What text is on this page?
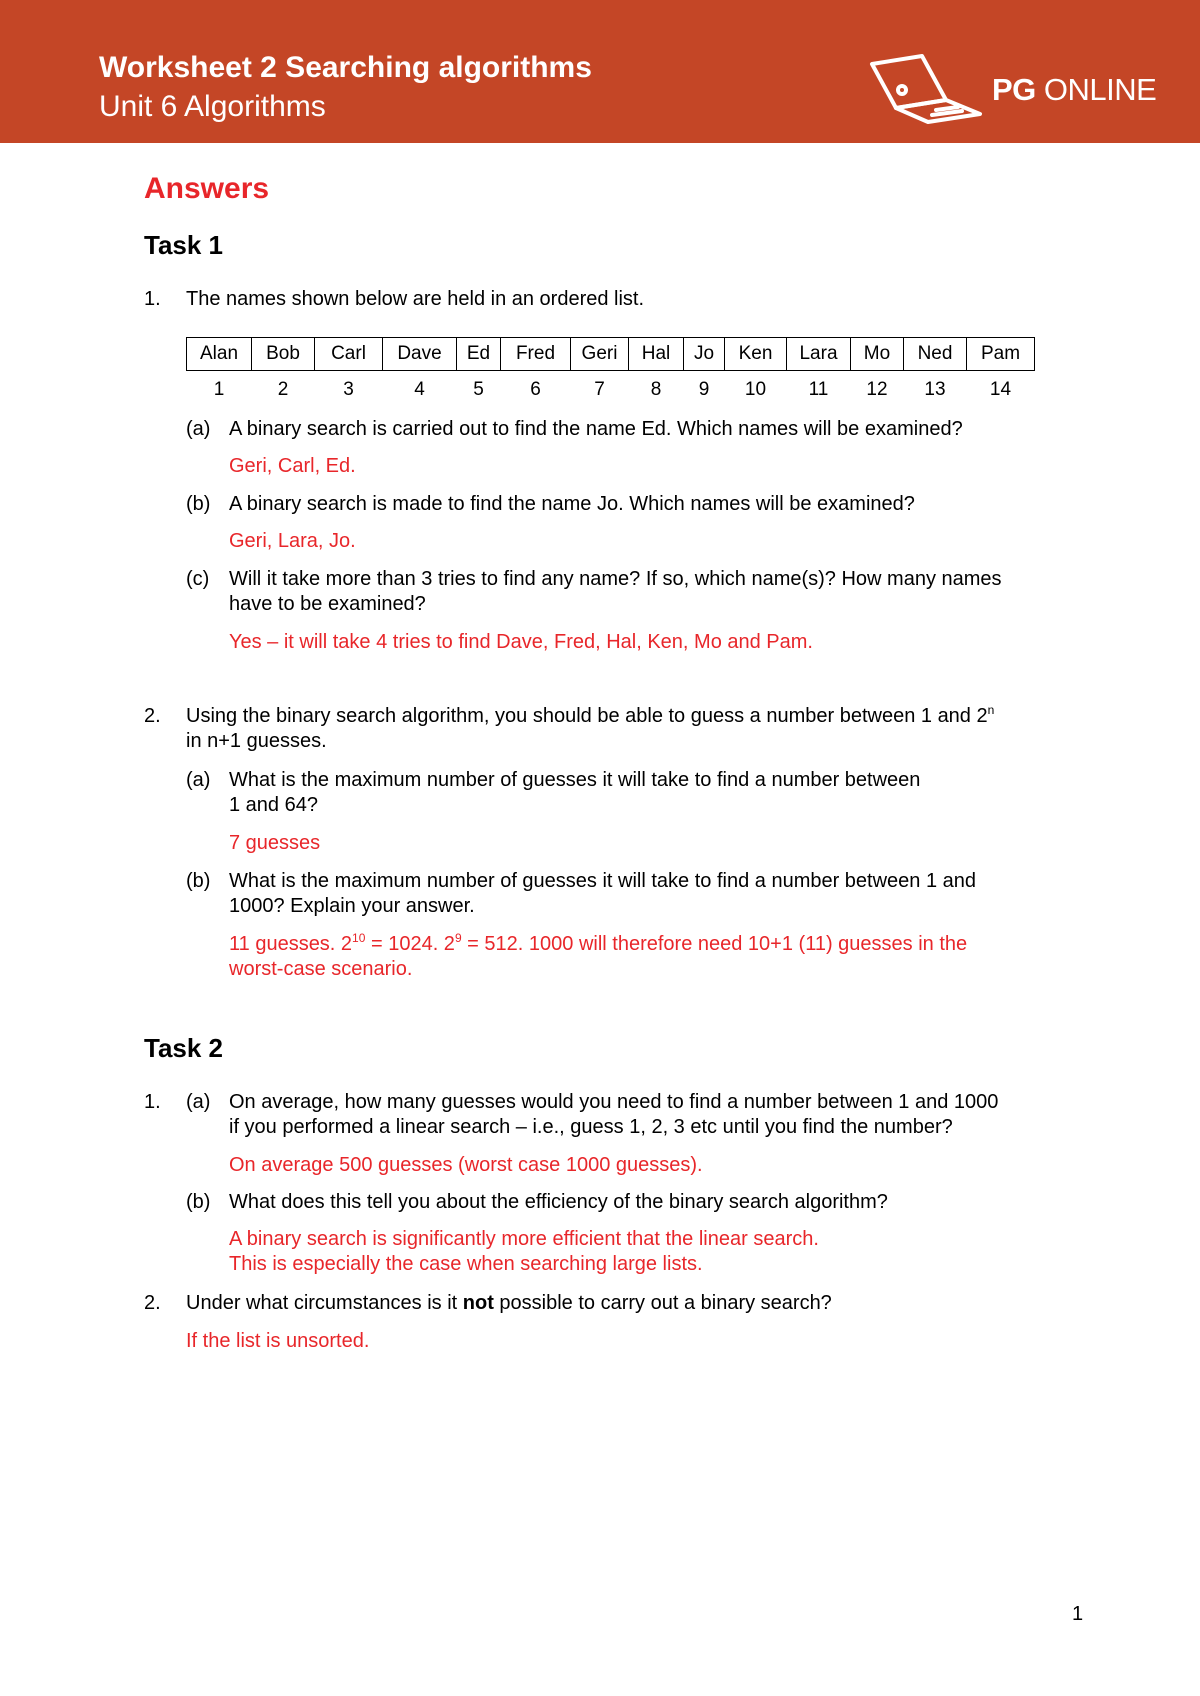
Worksheet 2 Searching algorithms
Unit 6 Algorithms	PG ONLINE
Answers
Task 1
1. The names shown below are held in an ordered list.
Alan	Bob	Carl	Dave	Ed	Fred	Geri	Hal	Jo	Ken	Lara	Mo	Ned	Pam
1	2	3	4	5	6	7	8	9	10	11	12	13	14
(a) A binary search is carried out to find the name Ed. Which names will be examined?
Geri, Carl, Ed.
(b) A binary search is made to find the name Jo. Which names will be examined?
Geri, Lara, Jo.
(c) Will it take more than 3 tries to find any name? If so, which name(s)? How many names
have to be examined?
Yes – it will take 4 tries to find Dave, Fred, Hal, Ken, Mo and Pam.
2. Using the binary search algorithm, you should be able to guess a number between 1 and 2$^n$
in n+1 guesses.
(a) What is the maximum number of guesses it will take to find a number between
1 and 64?
7 guesses
(b) What is the maximum number of guesses it will take to find a number between 1 and
1000? Explain your answer.
11 guesses. $2^{10} = 1024$. $2^9 = 512$. 1000 will therefore need 10+1 (11) guesses in the
worst-case scenario.
Task 2
1. (a) On average, how many guesses would you need to find a number between 1 and 1000
if you performed a linear search – i.e., guess 1, 2, 3 etc until you find the number?
On average 500 guesses (worst case 1000 guesses).
(b) What does this tell you about the efficiency of the binary search algorithm?
A binary search is significantly more efficient that the linear search.
This is especially the case when searching large lists.
2. Under what circumstances is it not possible to carry out a binary search?
If the list is unsorted.
1
